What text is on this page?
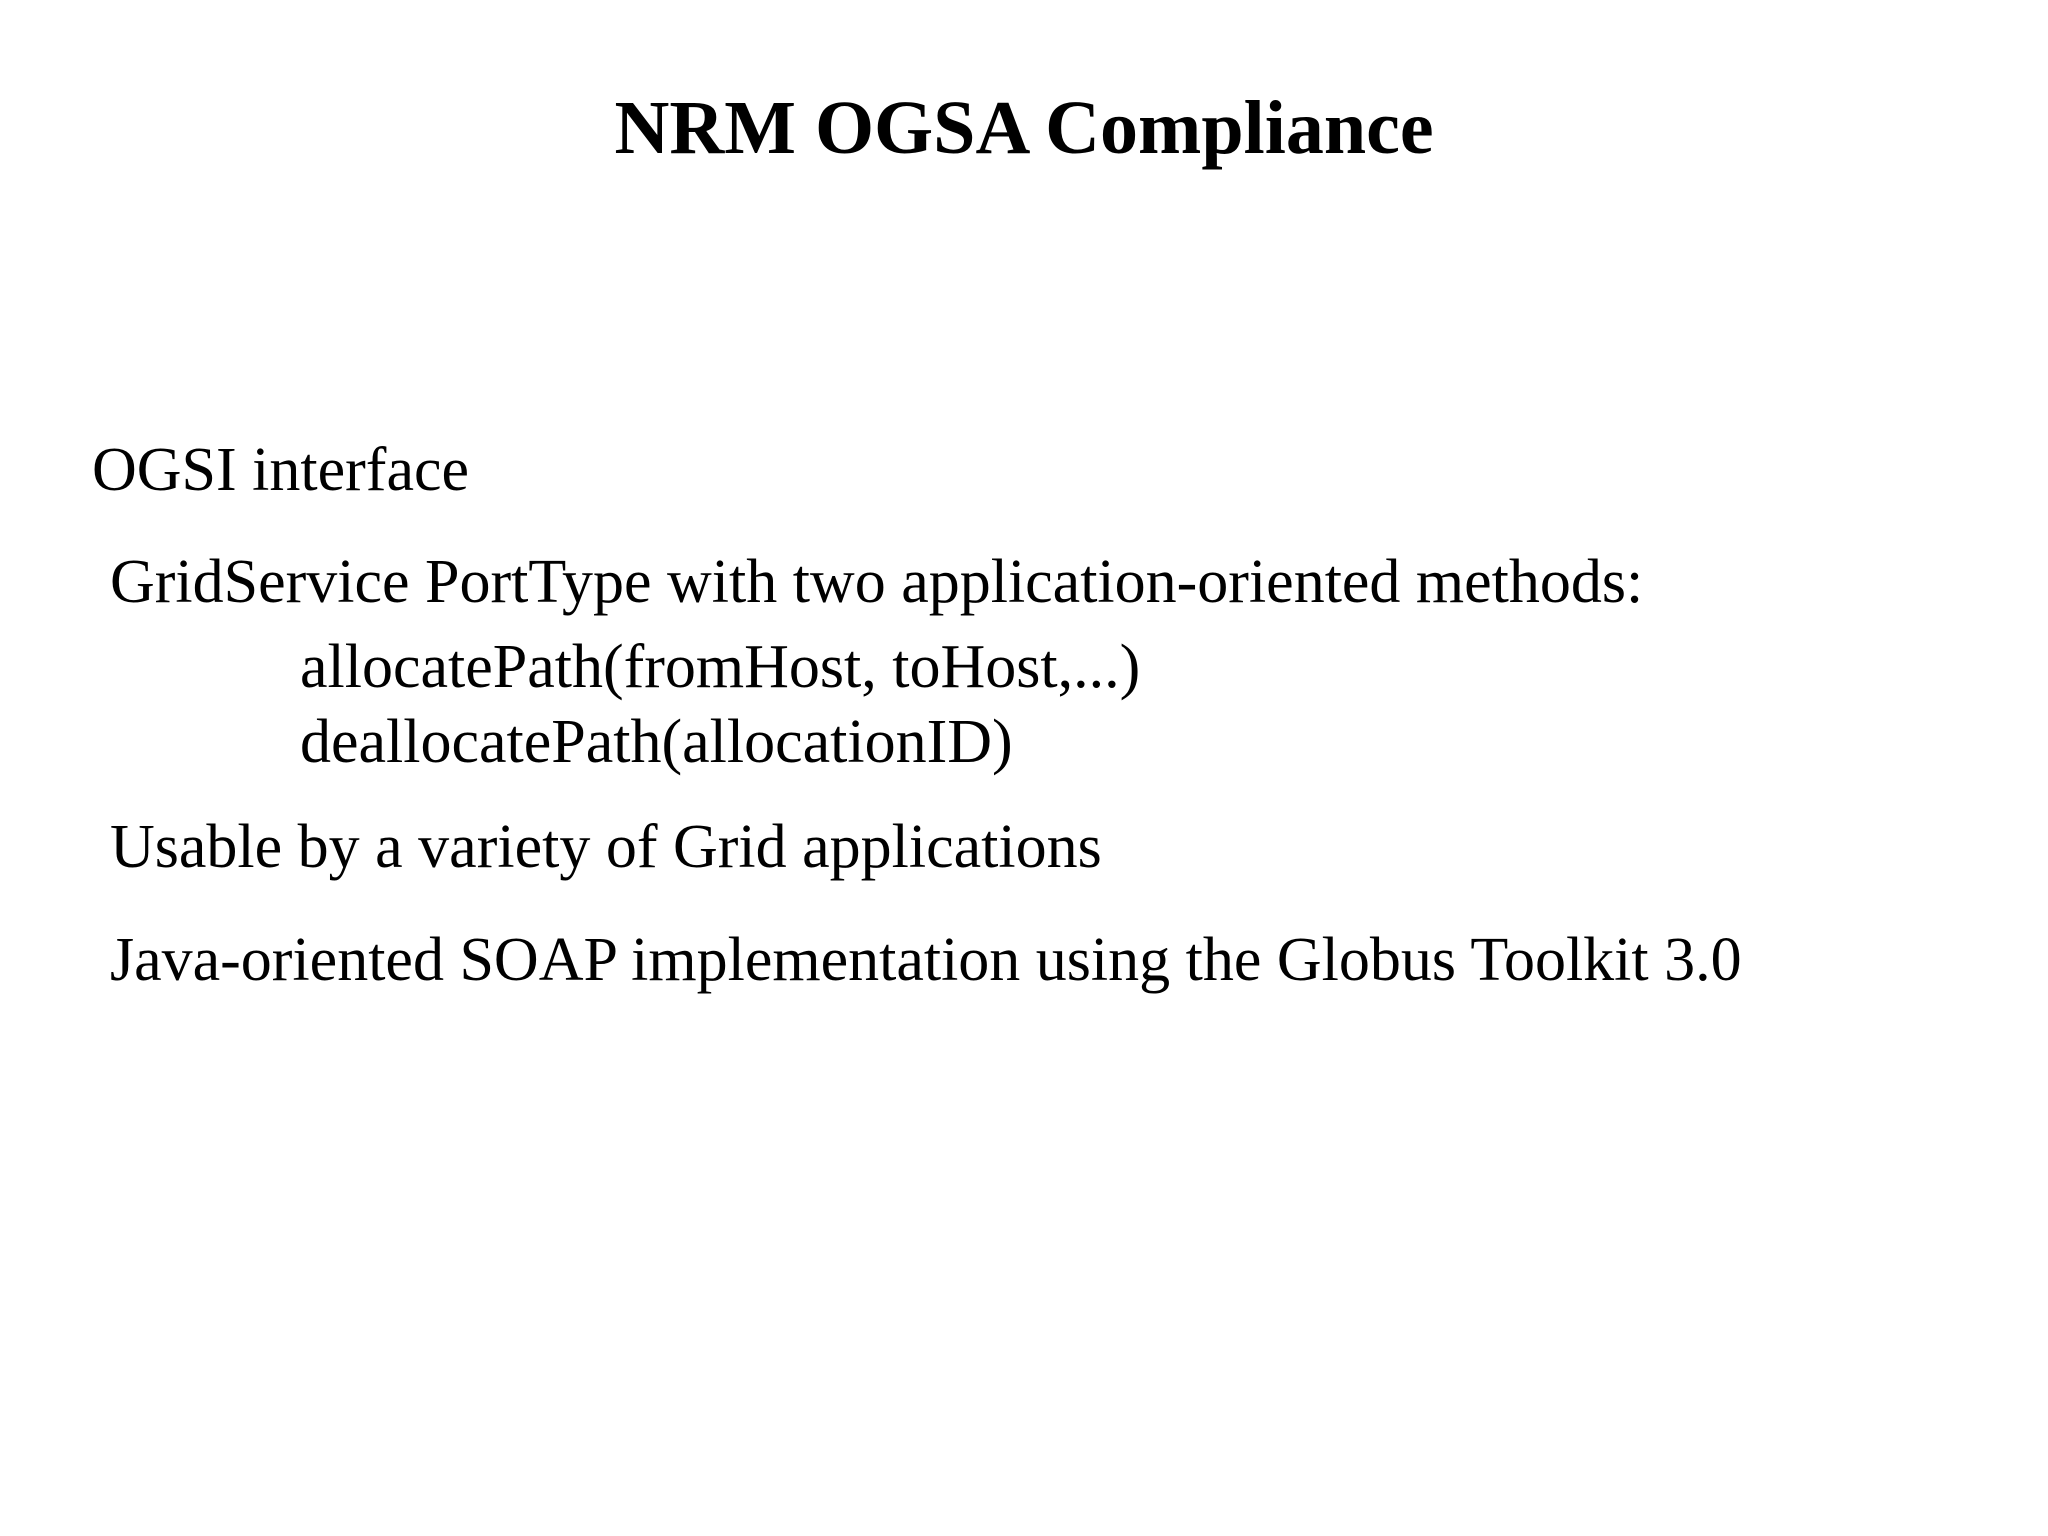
NRM OGSA Compliance
OGSI interface
GridService PortType with two application-oriented methods:
allocatePath(fromHost, toHost,...)
deallocatePath(allocationID)
Usable by a variety of Grid applications
Java-oriented SOAP implementation using the Globus Toolkit 3.0
